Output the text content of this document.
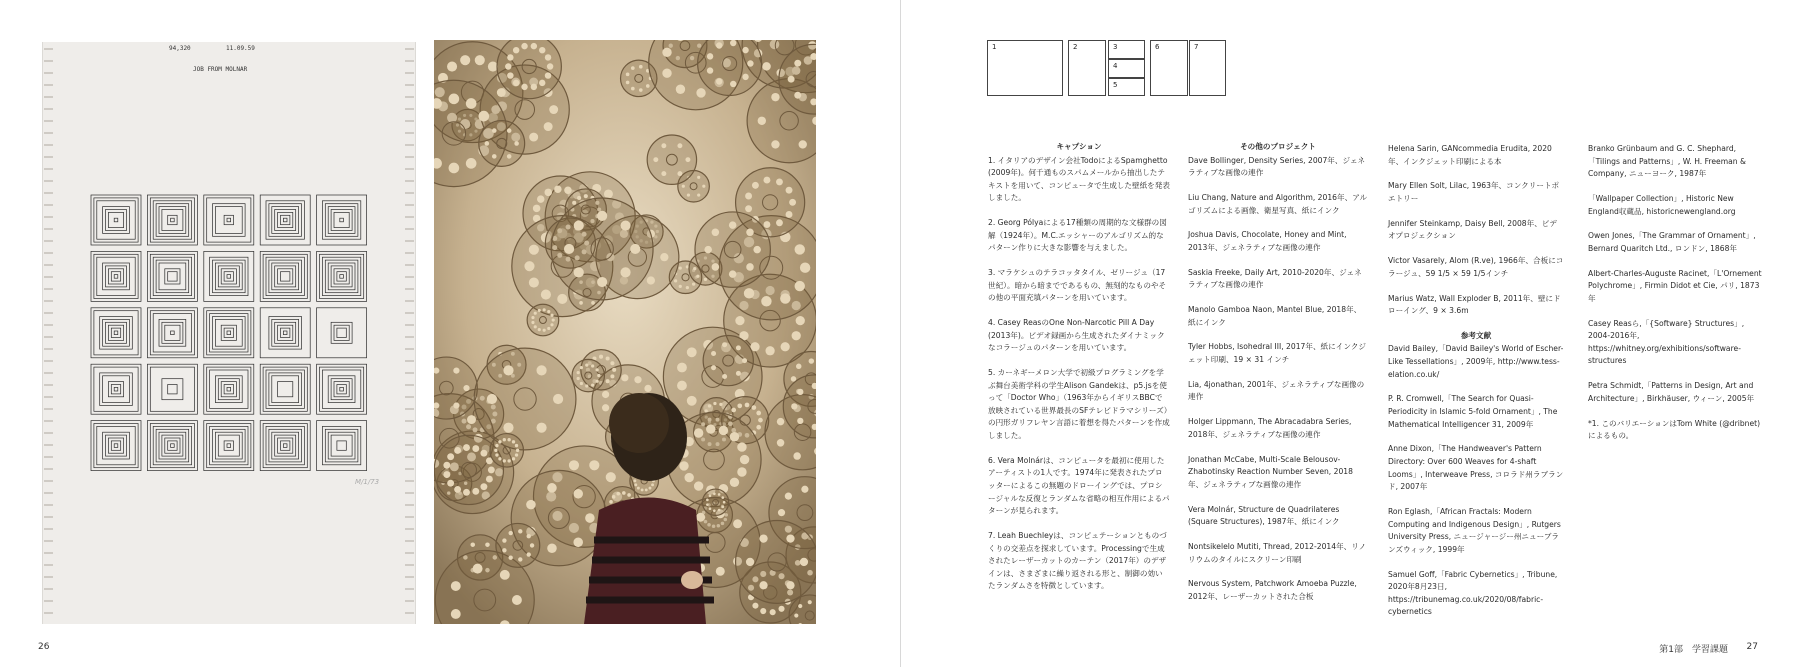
94,320	11.09.59
JOB FROM MOLNAR
M/1/73
26
1	2	3
4
5
6	7
キャプション

1. イタリアのデザイン会社TodoによるSpamghetto (2009年)。何千通ものスパムメールから抽出したテキストを用いて、コンピュータで生成した壁紙を発表しました。

2. Georg Pólyaによる17種類の周期的な文様群の図解（1924年）。M.C.エッシャーのアルゴリズム的なパターン作りに大きな影響を与えました。

3. マラケシュのテラコッタタイル、ゼリージュ（17世紀）。暗から暗までであるもの、無刻的なものやその他の平面充填パターンを用いています。

4. Casey ReasのOne Non-Narcotic Pill A Day (2013年)。ビデオ録画から生成されたダイナミックなコラージュのパターンを用いています。

5. カーネギーメロン大学で初級プログラミングを学ぶ舞台美術学科の学生Alison Gandekは、p5.jsを使って「Doctor Who」（1963年からイギリスBBCで放映されている世界最長のSFテレビドラマシリーズ）の円形ガリフレヤン言語に着想を得たパターンを作成しました。

6. Vera Molnárは、コンピュータを最初に使用したアーティストの1人です。1974年に発表されたプロッターによるこの無題のドローイングでは、プロシージャルな反復とランダムな省略の相互作用によるパターンが見られます。

7. Leah Buechleyは、コンピュテーションとものづくりの交差点を探求しています。Processingで生成されたレーザーカットのカーテン（2017年）のデザインは、さまざまに繰り返される形と、制御の効いたランダムさを特徴としています。

その他のプロジェクト

Dave Bollinger, Density Series, 2007年、ジェネラティブな画像の連作

Liu Chang, Nature and Algorithm, 2016年、アルゴリズムによる画像、衛星写真、紙にインク

Joshua Davis, Chocolate, Honey and Mint, 2013年、ジェネラティブな画像の連作

Saskia Freeke, Daily Art, 2010-2020年、ジェネラティブな画像の連作

Manolo Gamboa Naon, Mantel Blue, 2018年、紙にインク

Tyler Hobbs, Isohedral III, 2017年、紙にインクジェット印刷、19 × 31 インチ

Lia, 4jonathan, 2001年、ジェネラティブな画像の連作

Holger Lippmann, The Abracadabra Series, 2018年、ジェネラティブな画像の連作

Jonathan McCabe, Multi-Scale Belousov-Zhabotinsky Reaction Number Seven, 2018年、ジェネラティブな画像の連作

Vera Molnár, Structure de Quadrilateres (Square Structures), 1987年、紙にインク

Nontsikelelo Mutiti, Thread, 2012-2014年、リノリウムのタイルにスクリーン印刷

Nervous System, Patchwork Amoeba Puzzle, 2012年、レーザーカットされた合板

Helena Sarin, GANcommedia Erudita, 2020年、インクジェット印刷による本

Mary Ellen Solt, Lilac, 1963年、コンクリートポエトリー

Jennifer Steinkamp, Daisy Bell, 2008年、ビデオプロジェクション

Victor Vasarely, Alom (R.ve), 1966年、合板にコラージュ、59 1/5 × 59 1/5インチ

Marius Watz, Wall Exploder B, 2011年、壁にドローイング、9 × 3.6m

参考文献

David Bailey,「David Bailey's World of Escher-Like Tessellations」, 2009年, http://www.tess-elation.co.uk/

P. R. Cromwell,「The Search for Quasi-Periodicity in Islamic 5-fold Ornament」, The Mathematical Intelligencer 31, 2009年

Anne Dixon,「The Handweaver's Pattern Directory: Over 600 Weaves for 4-shaft Looms」, Interweave Press, コロラド州ラブランド, 2007年

Ron Eglash,「African Fractals: Modern Computing and Indigenous Design」, Rutgers University Press, ニュージャージー州ニューブランズウィック, 1999年

Samuel Goff,「Fabric Cybernetics」, Tribune, 2020年8月23日, https://tribunemag.co.uk/2020/08/fabric-cybernetics

Branko Grünbaum and G. C. Shephard,「Tilings and Patterns」, W. H. Freeman & Company, ニューヨーク, 1987年

「Wallpaper Collection」, Historic New England収蔵品, historicnewengland.org

Owen Jones,「The Grammar of Ornament」, Bernard Quaritch Ltd., ロンドン, 1868年

Albert-Charles-Auguste Racinet,「L'Ornement Polychrome」, Firmin Didot et Cie, パリ, 1873年

Casey Reasら,「{Software} Structures」, 2004-2016年, https://whitney.org/exhibitions/software-structures

Petra Schmidt,「Patterns in Design, Art and Architecture」, Birkhäuser, ウィーン, 2005年

*1. このバリエーションはTom White (@dribnet)によるもの。

第1部　学習課題 27
